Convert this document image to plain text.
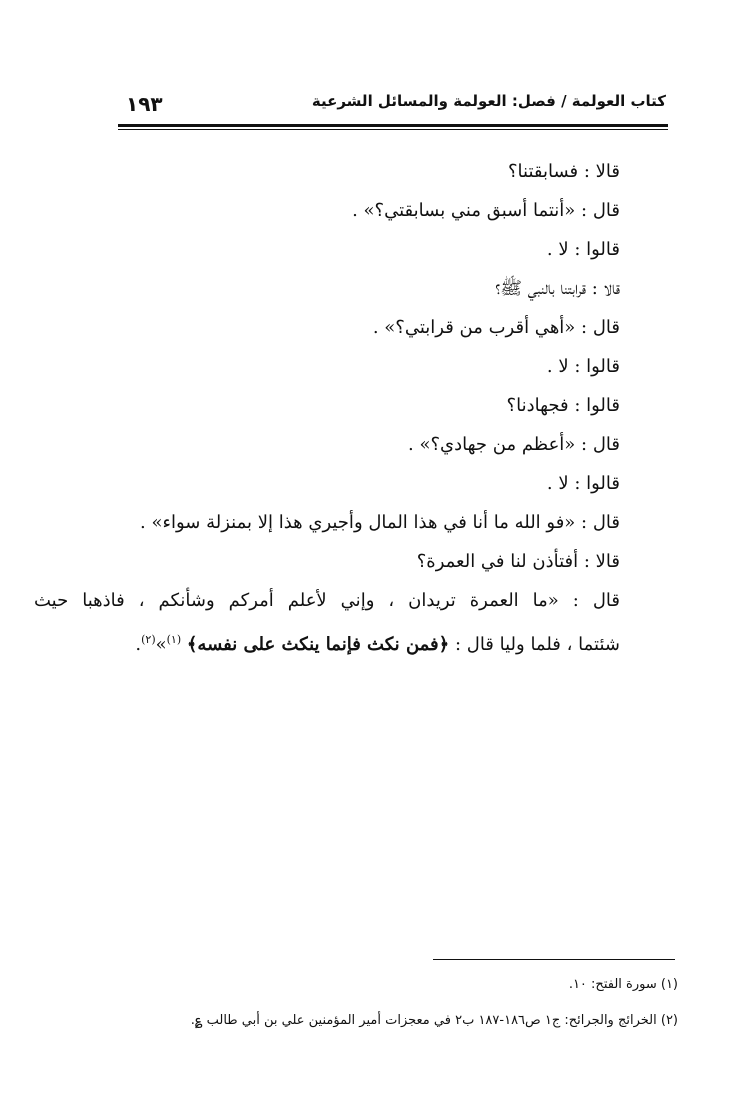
١٩٣	كتاب العولمة / فصل: العولمة والمسائل الشرعية
قالا : فسابقتنا؟
قال : «أنتما أسبق مني بسابقتي؟» .
قالوا : لا .
قالا : قرابتنا بالنبي ﷺ؟
قال : «أهي أقرب من قرابتي؟» .
قالوا : لا .
قالوا : فجهادنا؟
قال : «أعظم من جهادي؟» .
قالوا : لا .
قال : «فو الله ما أنا في هذا المال وأجيري هذا إلا بمنزلة سواء» .
قالا : أفتأذن لنا في العمرة؟
قال : «ما العمرة تريدان ، وإني لأعلم أمركم وشأنكم ، فاذهبا حيث
شئتما ، فلما وليا قال : ﴿فمن نكث فإنما ينكث على نفسه﴾ $^{(١)}$»$^{(٢)}$.
(١) سورة الفتح: ١٠.
(٢) الخرائج والجرائح: ج١ ص١٨٦-١٨٧ ب٢ في معجزات أمير المؤمنين علي بن أبي طالب ؏.
